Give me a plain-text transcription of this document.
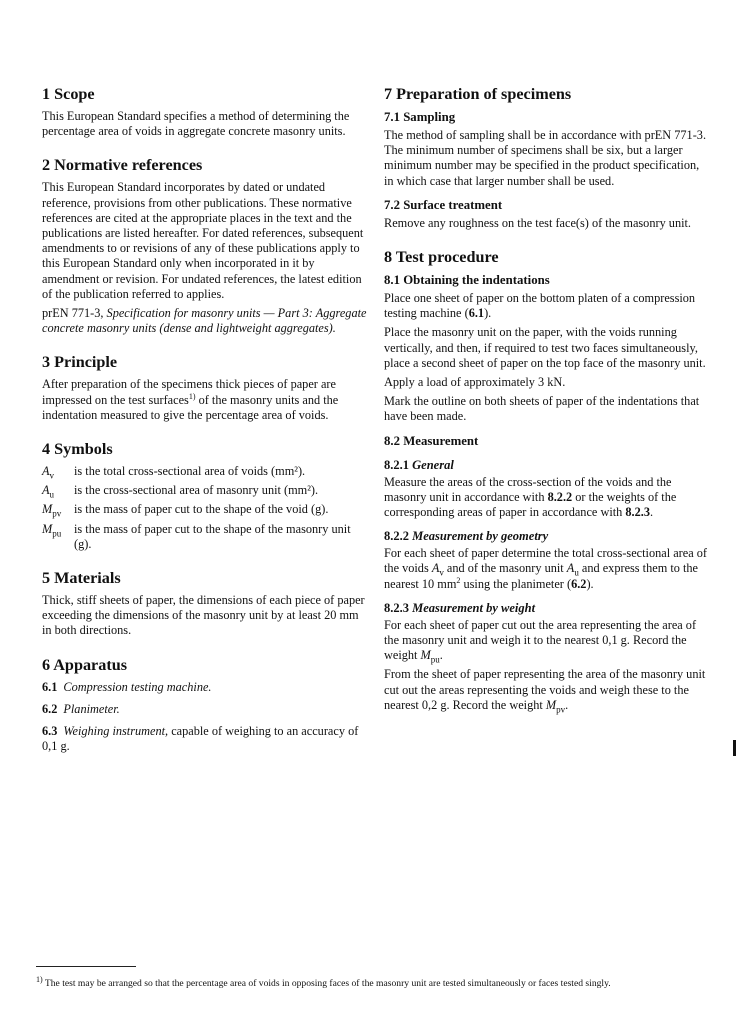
1 Scope

This European Standard specifies a method of determining the percentage area of voids in aggregate concrete masonry units.

2 Normative references

This European Standard incorporates by dated or undated reference, provisions from other publications. These normative references are cited at the appropriate places in the text and the publications are listed hereafter. For dated references, subsequent amendments to or revisions of any of these publications apply to this European Standard only when incorporated in it by amendment or revision. For undated references, the latest edition of the publication referred to applies.

prEN 771-3, Specification for masonry units — Part 3: Aggregate concrete masonry units (dense and lightweight aggregates).

3 Principle

After preparation of the specimens thick pieces of paper are impressed on the test surfaces$^{1)}$ of the masonry units and the indentation measured to give the percentage area of voids.

4 Symbols
$A_v$	is the total cross-sectional area of voids (mm²).
$A_u$	is the cross-sectional area of masonry unit (mm²).
$M_{pv}$	is the mass of paper cut to the shape of the void (g).
$M_{pu}$	is the mass of paper cut to the shape of the masonry unit (g).
5 Materials

Thick, stiff sheets of paper, the dimensions of each piece of paper exceeding the dimensions of the masonry unit by at least 20 mm in both directions.

6 Apparatus
6.1 Compression testing machine.
6.2 Planimeter.
6.3 Weighing instrument, capable of weighing to an accuracy of 0,1 g.
7 Preparation of specimens
7.1 Sampling

The method of sampling shall be in accordance with prEN 771-3. The minimum number of specimens shall be six, but a larger minimum number may be specified in the product specification, in which case that larger number shall be used.

7.2 Surface treatment

Remove any roughness on the test face(s) of the masonry unit.

8 Test procedure
8.1 Obtaining the indentations

Place one sheet of paper on the bottom platen of a compression testing machine (6.1).

Place the masonry unit on the paper, with the voids running vertically, and then, if required to test two faces simultaneously, place a second sheet of paper on the top face of the masonry unit.

Apply a load of approximately 3 kN.

Mark the outline on both sheets of paper of the indentations that have been made.

8.2 Measurement
8.2.1 General

Measure the areas of the cross-section of the voids and the masonry unit in accordance with 8.2.2 or the weights of the corresponding areas of paper in accordance with 8.2.3.

8.2.2 Measurement by geometry

For each sheet of paper determine the total cross-sectional area of the voids $A_v$ and of the masonry unit $A_u$ and express them to the nearest 10 $mm^2$ using the planimeter (6.2).

8.2.3 Measurement by weight

For each sheet of paper cut out the area representing the area of the masonry unit and weigh it to the nearest 0,1 g. Record the weight $M_{pu}$.

From the sheet of paper representing the area of the masonry unit cut out the areas representing the voids and weigh these to the nearest 0,2 g. Record the weight $M_{pv}$.

$^{1)}$ The test may be arranged so that the percentage area of voids in opposing faces of the masonry unit are tested simultaneously or faces tested singly.
